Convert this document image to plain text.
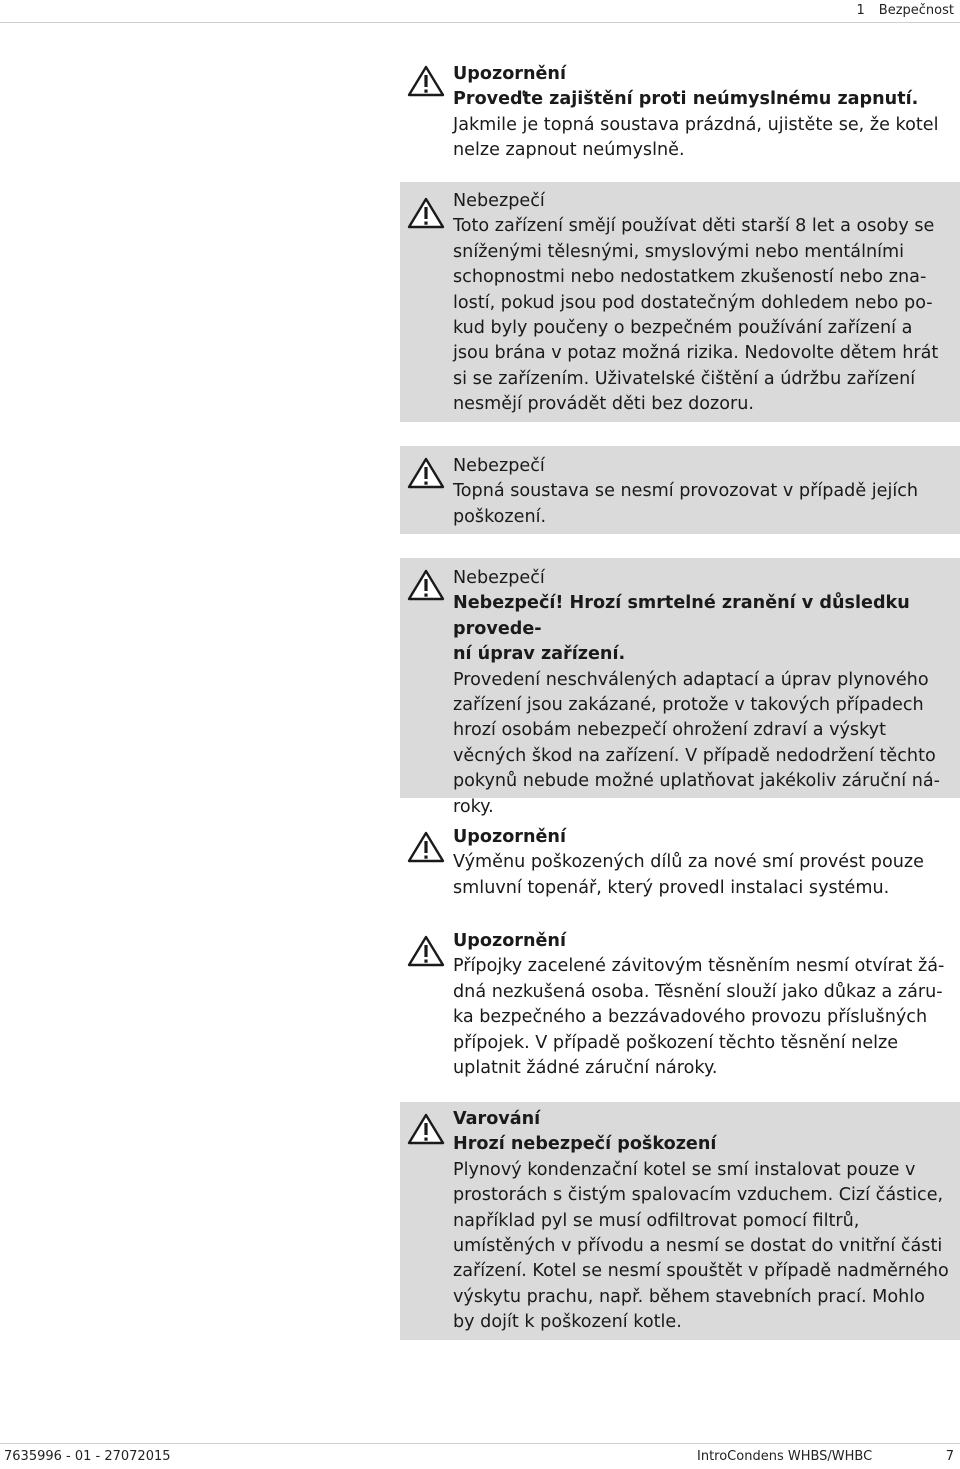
1 Bezpečnost

Upozornění

Proveďte zajištění proti neúmyslnému zapnutí.

Jakmile je topná soustava prázdná, ujistěte se, že kotel

nelze zapnout neúmyslně.

Nebezpečí

Toto zařízení smějí používat děti starší 8 let a osoby se

sníženými tělesnými, smyslovými nebo mentálními

schopnostmi nebo nedostatkem zkušeností nebo zna-

lostí, pokud jsou pod dostatečným dohledem nebo po-

kud byly poučeny o bezpečném používání zařízení a

jsou brána v potaz možná rizika. Nedovolte dětem hrát

si se zařízením. Uživatelské čištění a údržbu zařízení

nesmějí provádět děti bez dozoru.

Nebezpečí

Topná soustava se nesmí provozovat v případě jejích

poškození.

Nebezpečí

Nebezpečí! Hrozí smrtelné zranění v důsledku provede-

ní úprav zařízení.

Provedení neschválených adaptací a úprav plynového

zařízení jsou zakázané, protože v takových případech

hrozí osobám nebezpečí ohrožení zdraví a výskyt

věcných škod na zařízení. V případě nedodržení těchto

pokynů nebude možné uplatňovat jakékoliv záruční ná-

roky.

Upozornění

Výměnu poškozených dílů za nové smí provést pouze

smluvní topenář, který provedl instalaci systému.

Upozornění

Přípojky zacelené závitovým těsněním nesmí otvírat žá-

dná nezkušená osoba. Těsnění slouží jako důkaz a záru-

ka bezpečného a bezzávadového provozu příslušných

přípojek. V případě poškození těchto těsnění nelze

uplatnit žádné záruční nároky.

Varování

Hrozí nebezpečí poškození

Plynový kondenzační kotel se smí instalovat pouze v

prostorách s čistým spalovacím vzduchem. Cizí částice,

například pyl se musí odfiltrovat pomocí filtrů,

umístěných v přívodu a nesmí se dostat do vnitřní části

zařízení. Kotel se nesmí spouštět v případě nadměrného

výskytu prachu, např. během stavebních prací. Mohlo

by dojít k poškození kotle.

7635996 - 01 - 27072015	IntroCondens WHBS/WHBC	7
